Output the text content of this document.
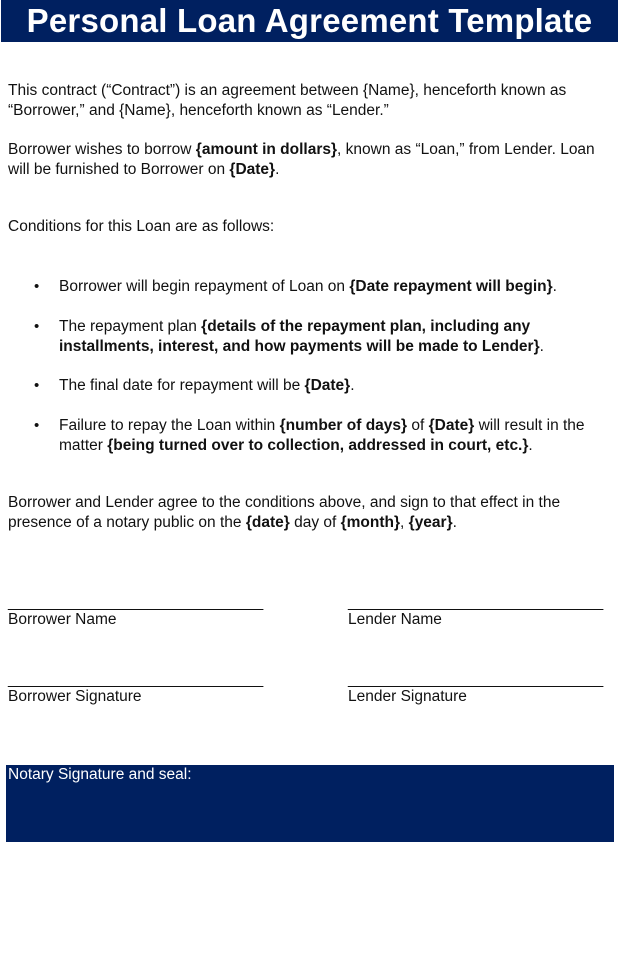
Personal Loan Agreement Template
This contract (“Contract”) is an agreement between {Name}, henceforth known as “Borrower,” and {Name}, henceforth known as “Lender.”
Borrower wishes to borrow {amount in dollars}, known as “Loan,” from Lender. Loan will be furnished to Borrower on {Date}.
Conditions for this Loan are as follows:
• Borrower will begin repayment of Loan on {Date repayment will begin}.
• The repayment plan {details of the repayment plan, including any installments, interest, and how payments will be made to Lender}.
• The final date for repayment will be {Date}.
• Failure to repay the Loan within {number of days} of {Date} will result in the matter {being turned over to collection, addressed in court, etc.}.
Borrower and Lender agree to the conditions above, and sign to that effect in the presence of a notary public on the {date} day of {month}, {year}.
_______________________________
Borrower Name
_______________________________
Lender Name
_______________________________
Borrower Signature
_______________________________
Lender Signature
Notary Signature and seal:
